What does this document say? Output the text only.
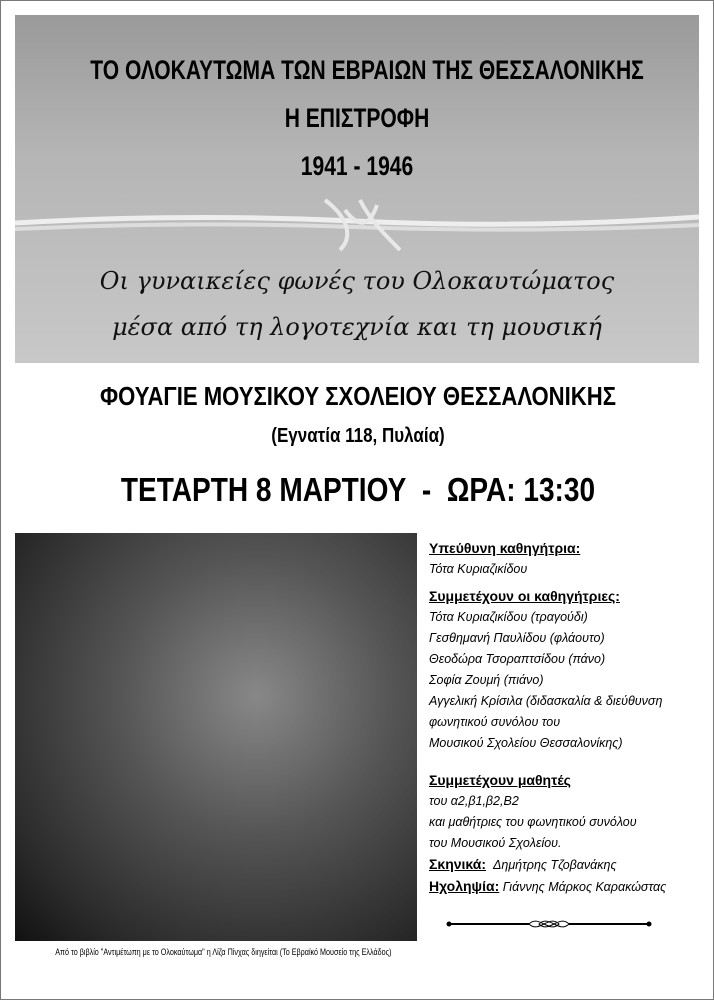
ΤΟ ΟΛΟΚΑΥΤΩΜΑ ΤΩΝ ΕΒΡΑΙΩΝ ΤΗΣ ΘΕΣΣΑΛΟΝΙΚΗΣ
Η ΕΠΙΣΤΡΟΦΗ
1941 - 1946
Οι γυναικείες φωνές του Ολοκαυτώματος
μέσα από τη λογοτεχνία και τη μουσική
ΦΟΥΑΓΙΕ ΜΟΥΣΙΚΟΥ ΣΧΟΛΕΙΟΥ ΘΕΣΣΑΛΟΝΙΚΗΣ
(Εγνατία 118, Πυλαία)
ΤΕΤΑΡΤΗ 8 ΜΑΡΤΙΟΥ  -  ΩΡΑ: 13:30
Από το βιβλίο "Αντιμέτωπη με το Ολοκαύτωμα" η Λίζα Πίνχας διηγείται (Το Εβραϊκό Μουσείο της Ελλάδος)
Υπεύθυνη καθηγήτρια:
Τότα Κυριαζικίδου
Συμμετέχουν οι καθηγήτριες:
Τότα Κυριαζικίδου (τραγούδι)
Γεσθημανή Παυλίδου (φλάουτο)
Θεοδώρα Τσοραπτσίδου (πάνο)
Σοφία Ζουμή (πιάνο)
Αγγελική Κρίσιλα (διδασκαλία & διεύθυνση
φωνητικού συνόλου του
Μουσικού Σχολείου Θεσσαλονίκης)
Συμμετέχουν μαθητές
του α2,β1,β2,Β2
και μαθήτριες του φωνητικού συνόλου
του Μουσικού Σχολείου.
Σκηνικά: Δημήτρης Τζοβανάκης
Ηχοληψία: Γιάννης Μάρκος Καρακώστας
